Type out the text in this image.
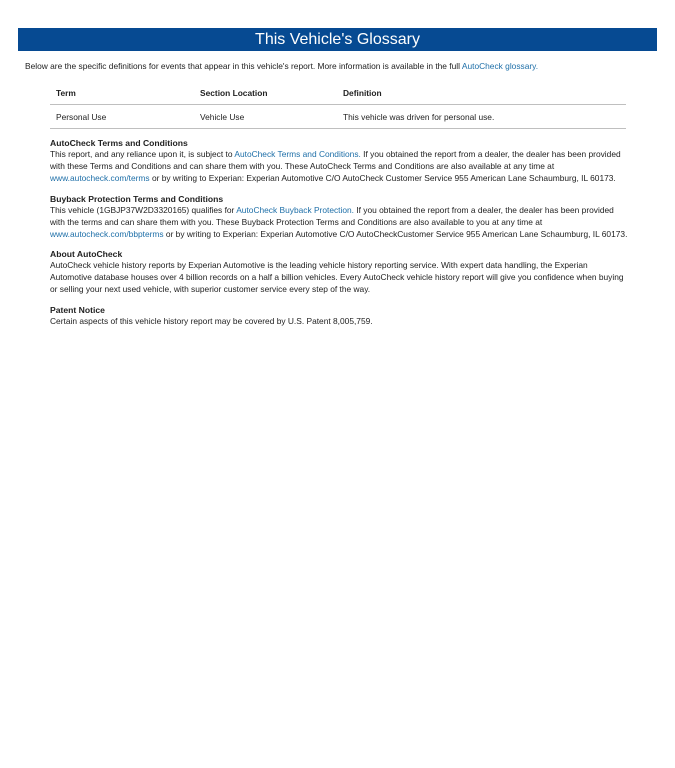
This Vehicle's Glossary
Below are the specific definitions for events that appear in this vehicle's report. More information is available in the full AutoCheck glossary.
Term	Section Location	Definition
Personal Use	Vehicle Use	This vehicle was driven for personal use.
AutoCheck Terms and Conditions

This report, and any reliance upon it, is subject to AutoCheck Terms and Conditions. If you obtained the report from a dealer, the dealer has been provided with these Terms and Conditions and can share them with you. These AutoCheck Terms and Conditions are also available at any time at www.autocheck.com/terms or by writing to Experian: Experian Automotive C/O AutoCheck Customer Service 955 American Lane Schaumburg, IL 60173.

Buyback Protection Terms and Conditions

This vehicle (1GBJP37W2D3320165) qualifies for AutoCheck Buyback Protection. If you obtained the report from a dealer, the dealer has been provided with the terms and can share them with you. These Buyback Protection Terms and Conditions are also available to you at any time at www.autocheck.com/bbpterms or by writing to Experian: Experian Automotive C/O AutoCheckCustomer Service 955 American Lane Schaumburg, IL 60173.

About AutoCheck

AutoCheck vehicle history reports by Experian Automotive is the leading vehicle history reporting service. With expert data handling, the Experian Automotive database houses over 4 billion records on a half a billion vehicles. Every AutoCheck vehicle history report will give you confidence when buying or selling your next used vehicle, with superior customer service every step of the way.

Patent Notice

Certain aspects of this vehicle history report may be covered by U.S. Patent 8,005,759.
